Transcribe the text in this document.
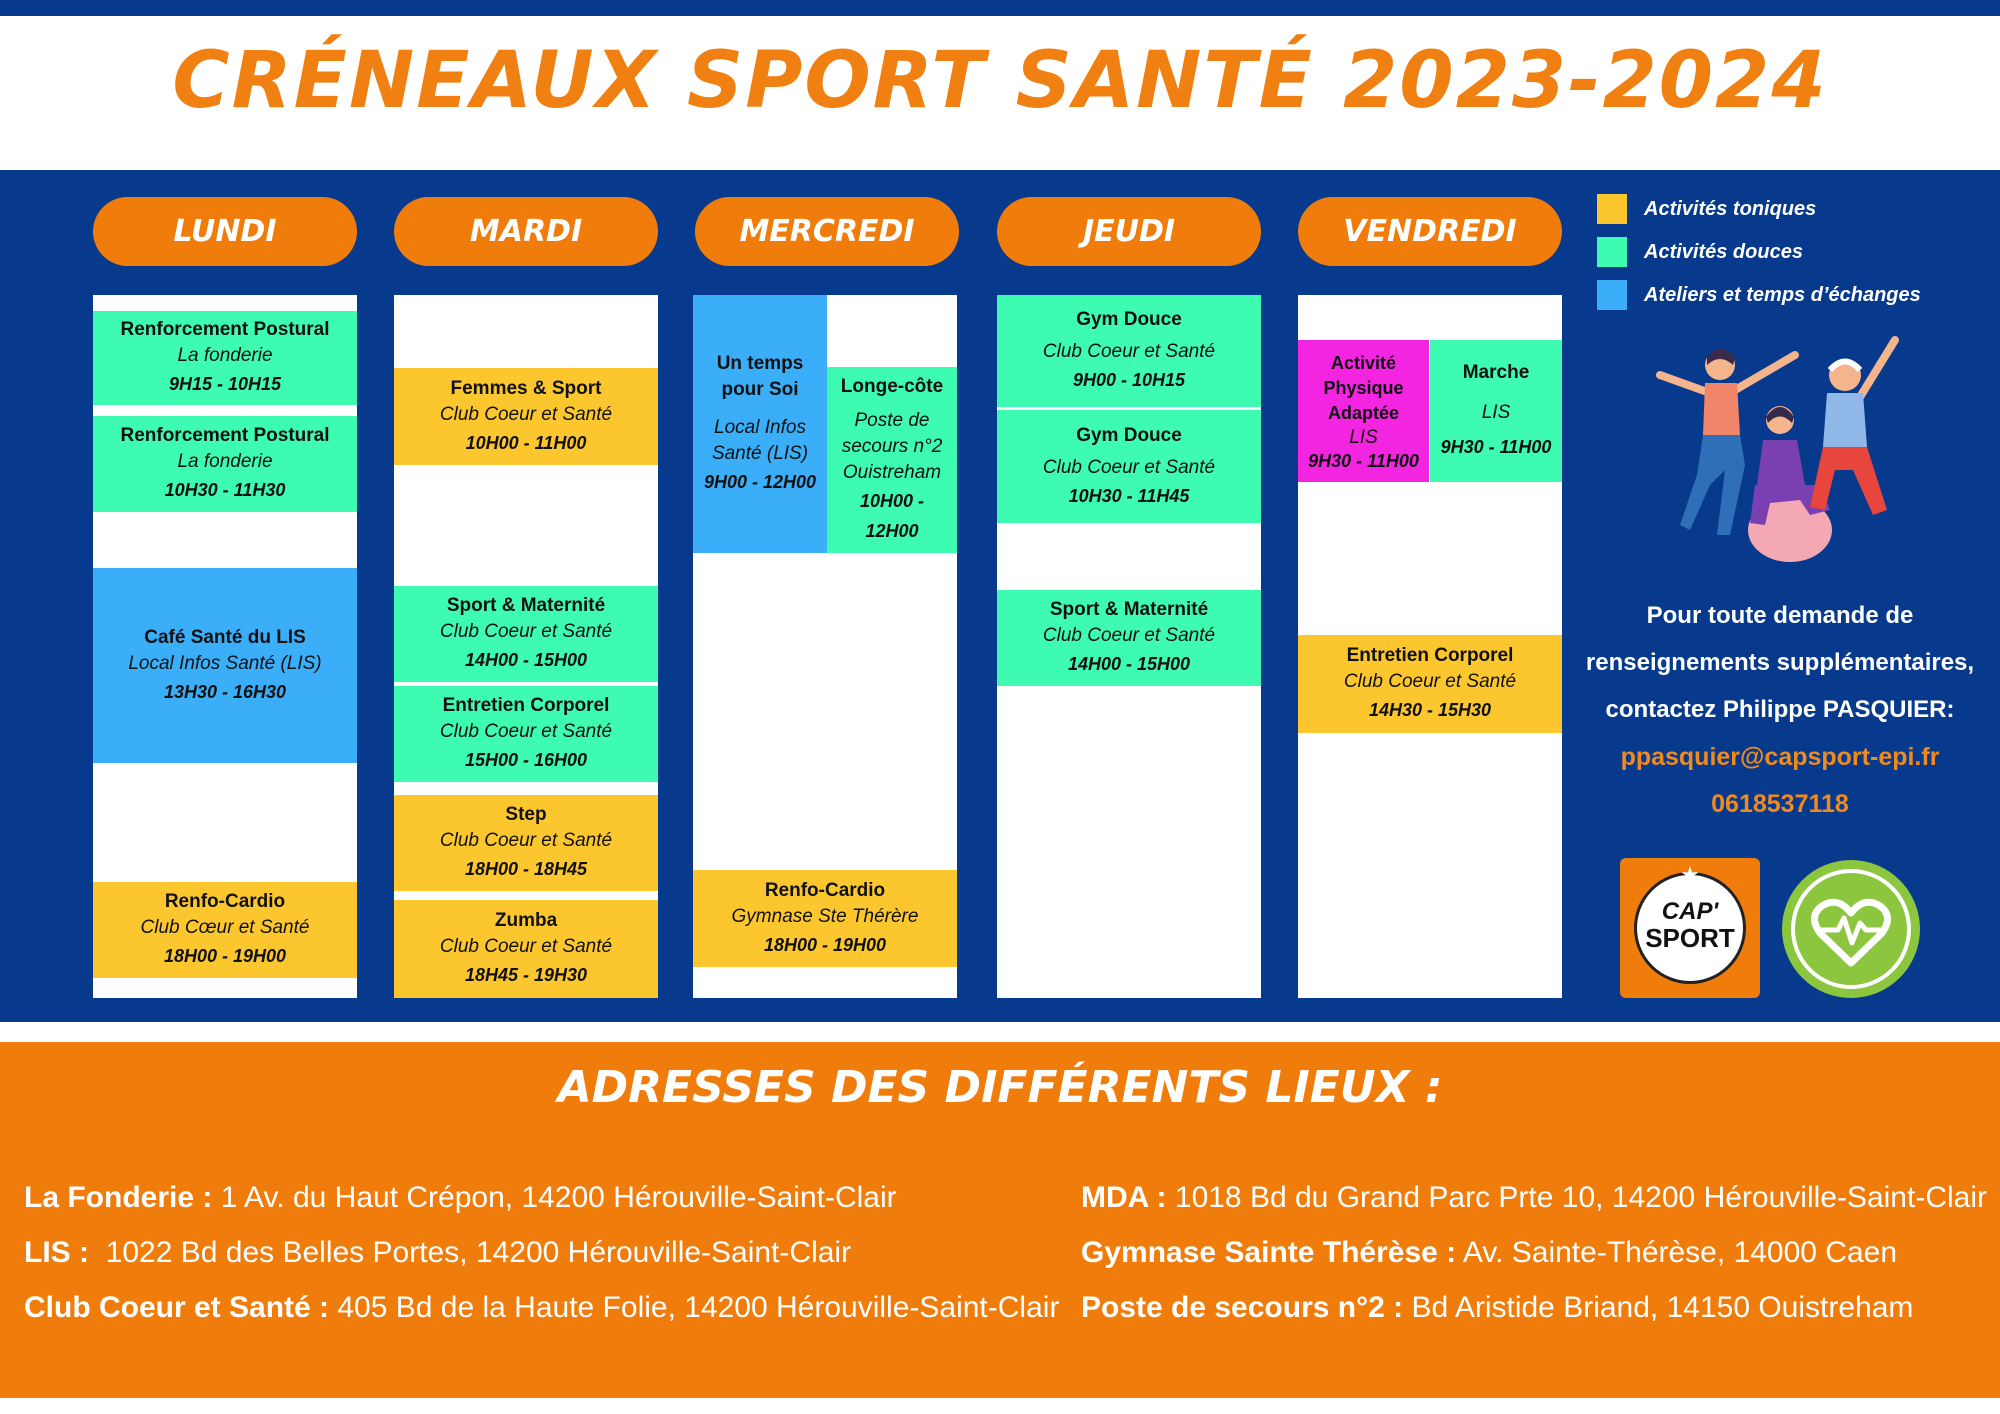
CRÉNEAUX SPORT SANTÉ 2023-2024
LUNDI	MARDI	MERCREDI	JEUDI	VENDREDI
Renforcement Postural
La fonderie
9H15 - 10H15
Renforcement Postural
La fonderie
10H30 - 11H30
Café Santé du LIS
Local Infos Santé (LIS)
13H30 - 16H30
Renfo-Cardio
Club Cœur et Santé
18H00 - 19H00
Femmes & Sport
Club Coeur et Santé
10H00 - 11H00
Sport & Maternité
Club Coeur et Santé
14H00 - 15H00
Entretien Corporel
Club Coeur et Santé
15H00 - 16H00
Step
Club Coeur et Santé
18H00 - 18H45
Zumba
Club Coeur et Santé
18H45 - 19H30
Un temps pour Soi
Local Infos Santé (LIS)
9H00 - 12H00
Longe-côte
Poste de secours n°2 Ouistreham
10H00 - 12H00
Renfo-Cardio
Gymnase Ste Thérère
18H00 - 19H00
Gym Douce
Club Coeur et Santé
9H00 - 10H15
Gym Douce
Club Coeur et Santé
10H30 - 11H45
Sport & Maternité
Club Coeur et Santé
14H00 - 15H00
Activité Physique Adaptée
LIS
9H30 - 11H00
Marche
LIS
9H30 - 11H00
Entretien Corporel
Club Coeur et Santé
14H30 - 15H30
Activités toniques
Activités douces
Ateliers et temps d’échanges
Pour toute demande de
renseignements supplémentaires,
contactez Philippe PASQUIER:
ppasquier@capsport-epi.fr
0618537118
★
CAP'
SPORT
ADRESSES DES DIFFÉRENTS LIEUX :
La Fonderie : 1 Av. du Haut Crépon, 14200 Hérouville-Saint-Clair
LIS :  1022 Bd des Belles Portes, 14200 Hérouville-Saint-Clair
Club Coeur et Santé : 405 Bd de la Haute Folie, 14200 Hérouville-Saint-Clair
MDA : 1018 Bd du Grand Parc Prte 10, 14200 Hérouville-Saint-Clair
Gymnase Sainte Thérèse : Av. Sainte-Thérèse, 14000 Caen
Poste de secours n°2 : Bd Aristide Briand, 14150 Ouistreham
